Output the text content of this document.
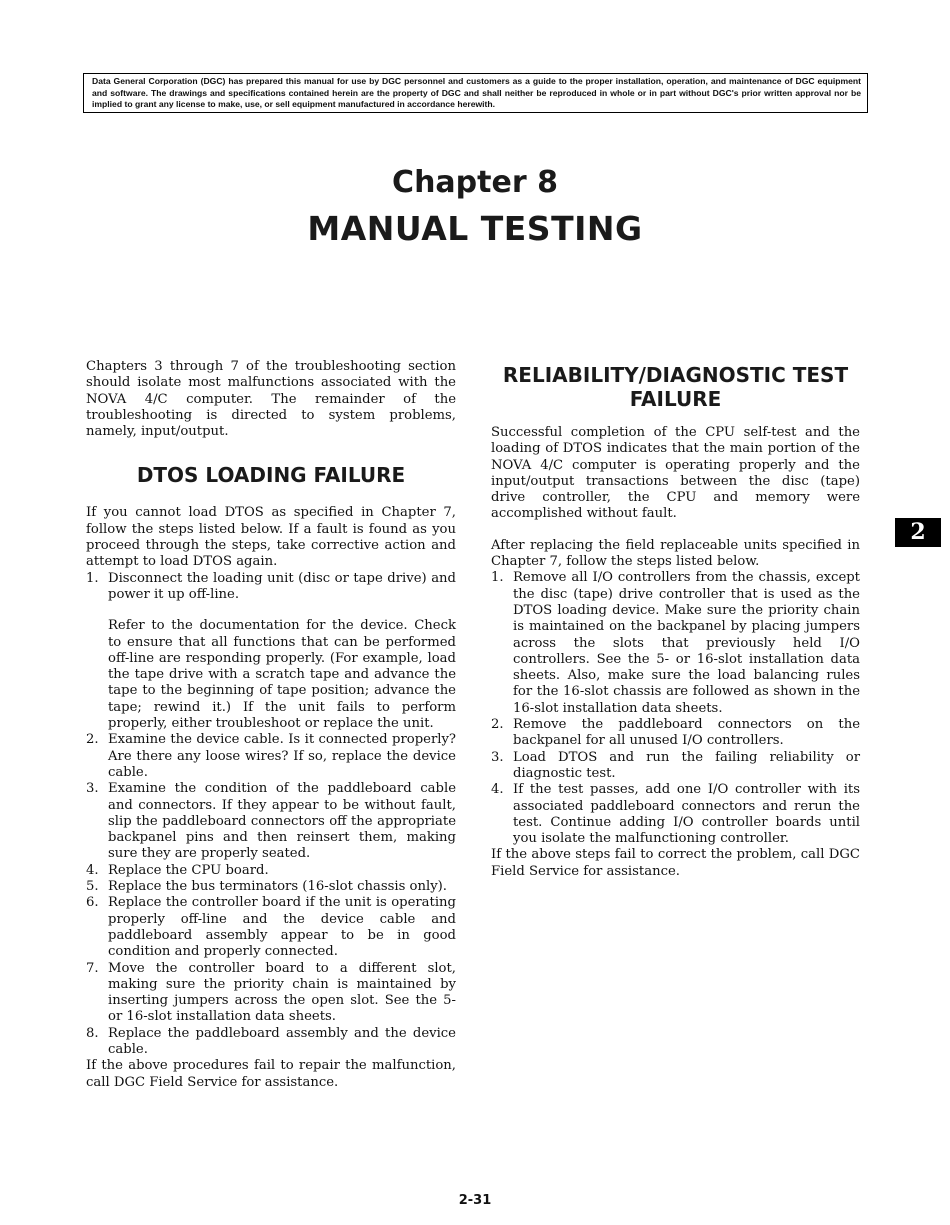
Data General Corporation (DGC) has prepared this manual for use by DGC personnel and customers as a guide to the proper installation, operation, and maintenance of DGC equipment and software. The drawings and specifications contained herein are the property of DGC and shall neither be reproduced in whole or in part without DGC's prior written approval nor be implied to grant any license to make, use, or sell equipment manufactured in accordance herewith.
Chapter 8
MANUAL TESTING

Chapters 3 through 7 of the troubleshooting section should isolate most malfunctions associated with the NOVA 4/C computer. The remainder of the troubleshooting is directed to system problems, namely, input/output.

DTOS LOADING FAILURE

If you cannot load DTOS as specified in Chapter 7, follow the steps listed below. If a fault is found as you proceed through the steps, take corrective action and attempt to load DTOS again.

1. Disconnect the loading unit (disc or tape drive) and power it up off-line.

Refer to the documentation for the device. Check to ensure that all functions that can be performed off-line are responding properly. (For example, load the tape drive with a scratch tape and advance the tape to the beginning of tape position; advance the tape; rewind it.) If the unit fails to perform properly, either troubleshoot or replace the unit.

2. Examine the device cable. Is it connected properly? Are there any loose wires? If so, replace the device cable.

3. Examine the condition of the paddleboard cable and connectors. If they appear to be without fault, slip the paddleboard connectors off the appropriate backpanel pins and then reinsert them, making sure they are properly seated.

4. Replace the CPU board.

5. Replace the bus terminators (16-slot chassis only).

6. Replace the controller board if the unit is operating properly off-line and the device cable and paddleboard assembly appear to be in good condition and properly connected.

7. Move the controller board to a different slot, making sure the priority chain is maintained by inserting jumpers across the open slot. See the 5- or 16-slot installation data sheets.

8. Replace the paddleboard assembly and the device cable.

If the above procedures fail to repair the malfunction, call DGC Field Service for assistance.

RELIABILITY/DIAGNOSTIC TEST
FAILURE

Successful completion of the CPU self-test and the loading of DTOS indicates that the main portion of the NOVA 4/C computer is operating properly and the input/output transactions between the disc (tape) drive controller, the CPU and memory were accomplished without fault.

After replacing the field replaceable units specified in Chapter 7, follow the steps listed below.

1. Remove all I/O controllers from the chassis, except the disc (tape) drive controller that is used as the DTOS loading device. Make sure the priority chain is maintained on the backpanel by placing jumpers across the slots that previously held I/O controllers. See the 5- or 16-slot installation data sheets. Also, make sure the load balancing rules for the 16-slot chassis are followed as shown in the 16-slot installation data sheets.

2. Remove the paddleboard connectors on the backpanel for all unused I/O controllers.

3. Load DTOS and run the failing reliability or diagnostic test.

4. If the test passes, add one I/O controller with its associated paddleboard connectors and rerun the test. Continue adding I/O controller boards until you isolate the malfunctioning controller.

If the above steps fail to correct the problem, call DGC Field Service for assistance.

2
2-31
